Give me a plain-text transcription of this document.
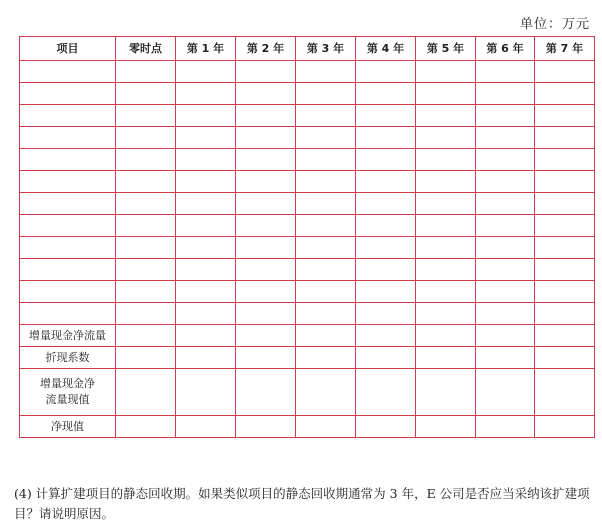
单位：万元
项目	零时点	第 1 年	第 2 年	第 3 年	第 4 年	第 5 年	第 6 年	第 7 年

增量现金净流量								
折现系数								
增量现金净
流量现值								
净现值								
(4) 计算扩建项目的静态回收期。如果类似项目的静态回收期通常为 3 年，E 公司是否应当采纳该扩建项目？请说明原因。
